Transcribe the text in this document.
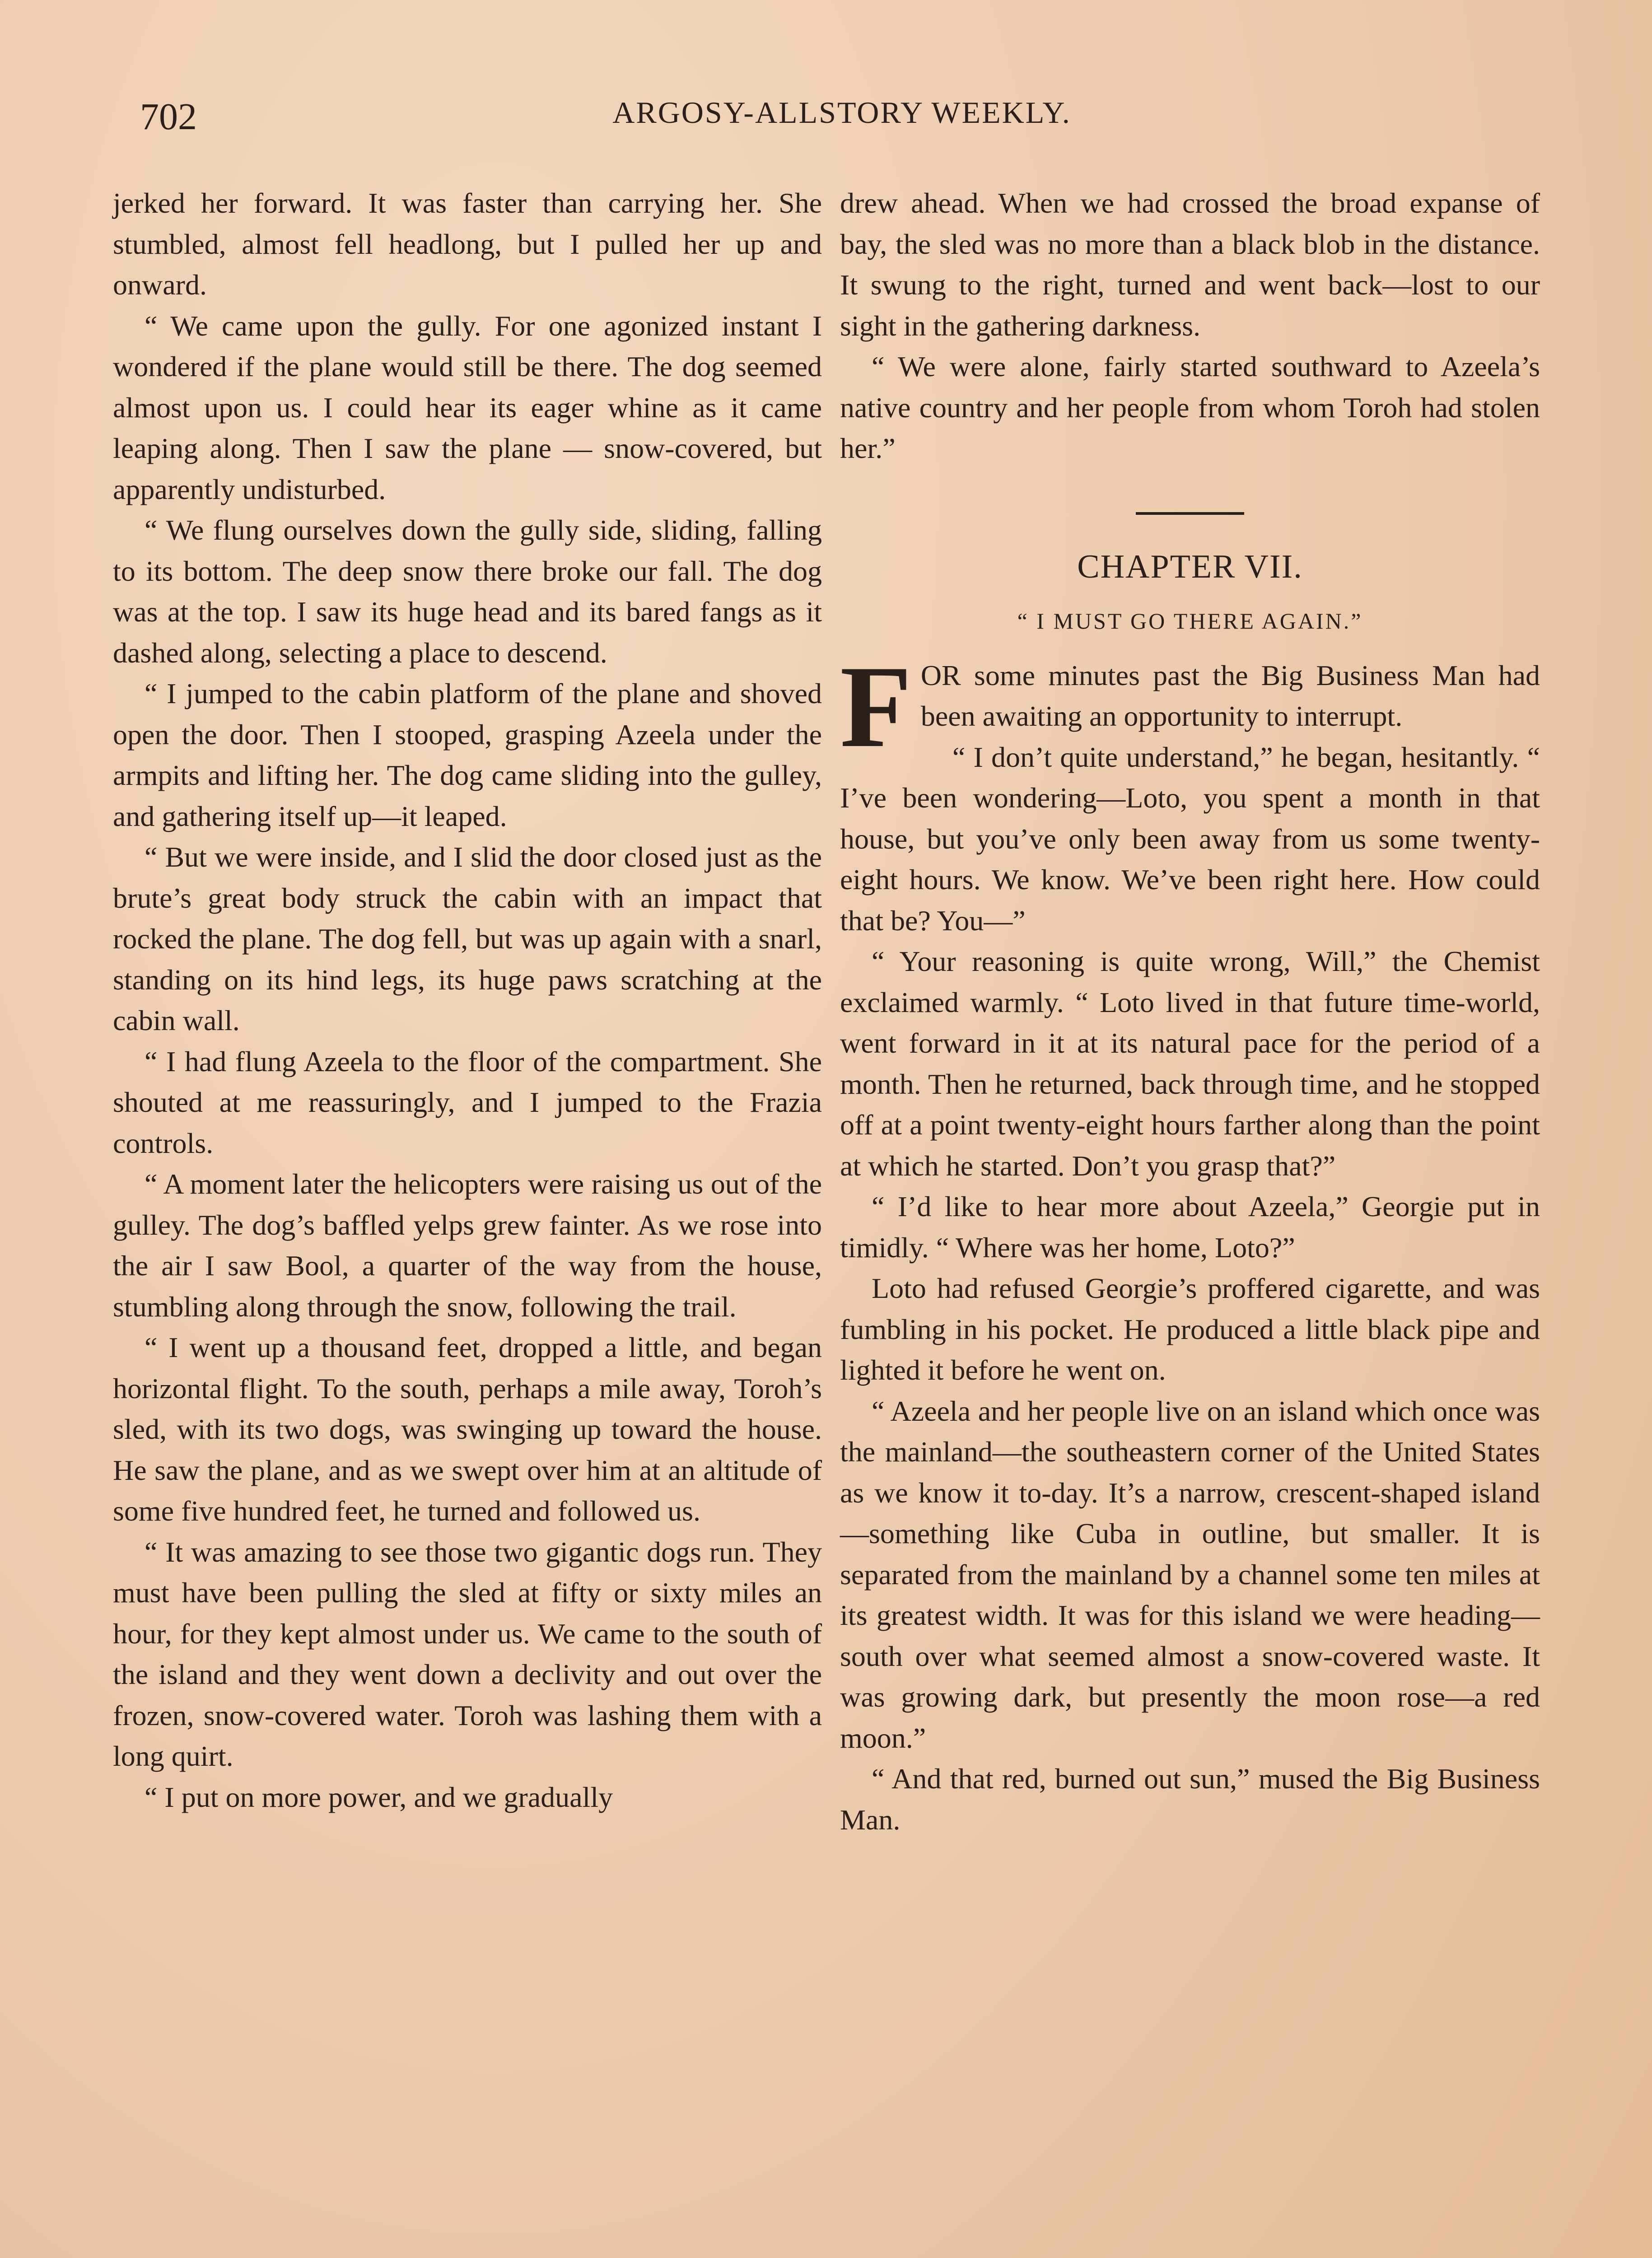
702	ARGOSY-ALLSTORY WEEKLY.

jerked her forward. It was faster than carrying her. She stumbled, almost fell headlong, but I pulled her up and onward.

“ We came upon the gully. For one agonized instant I wondered if the plane would still be there. The dog seemed almost upon us. I could hear its eager whine as it came leaping along. Then I saw the plane — snow-covered, but apparently undisturbed.

“ We flung ourselves down the gully side, sliding, falling to its bottom. The deep snow there broke our fall. The dog was at the top. I saw its huge head and its bared fangs as it dashed along, selecting a place to descend.

“ I jumped to the cabin platform of the plane and shoved open the door. Then I stooped, grasping Azeela under the armpits and lifting her. The dog came sliding into the gulley, and gathering itself up—it leaped.

“ But we were inside, and I slid the door closed just as the brute’s great body struck the cabin with an impact that rocked the plane. The dog fell, but was up again with a snarl, standing on its hind legs, its huge paws scratching at the cabin wall.

“ I had flung Azeela to the floor of the compartment. She shouted at me reassuringly, and I jumped to the Frazia controls.

“ A moment later the helicopters were raising us out of the gulley. The dog’s baffled yelps grew fainter. As we rose into the air I saw Bool, a quarter of the way from the house, stumbling along through the snow, following the trail.

“ I went up a thousand feet, dropped a little, and began horizontal flight. To the south, perhaps a mile away, Toroh’s sled, with its two dogs, was swinging up toward the house. He saw the plane, and as we swept over him at an altitude of some five hundred feet, he turned and followed us.

“ It was amazing to see those two gigantic dogs run. They must have been pulling the sled at fifty or sixty miles an hour, for they kept almost under us. We came to the south of the island and they went down a declivity and out over the frozen, snow-covered water. Toroh was lashing them with a long quirt.

“ I put on more power, and we gradually

drew ahead. When we had crossed the broad expanse of bay, the sled was no more than a black blob in the distance. It swung to the right, turned and went back—lost to our sight in the gathering darkness.

“ We were alone, fairly started southward to Azeela’s native country and her people from whom Toroh had stolen her.”

CHAPTER VII.
“ I MUST GO THERE AGAIN.”

FOR some minutes past the Big Business Man had been awaiting an opportunity to interrupt.

“ I don’t quite understand,” he began, hesitantly. “ I’ve been wondering—Loto, you spent a month in that house, but you’ve only been away from us some twenty-eight hours. We know. We’ve been right here. How could that be? You—”

“ Your reasoning is quite wrong, Will,” the Chemist exclaimed warmly. “ Loto lived in that future time-world, went forward in it at its natural pace for the period of a month. Then he returned, back through time, and he stopped off at a point twenty-eight hours farther along than the point at which he started. Don’t you grasp that?”

“ I’d like to hear more about Azeela,” Georgie put in timidly. “ Where was her home, Loto?”

Loto had refused Georgie’s proffered cigarette, and was fumbling in his pocket. He produced a little black pipe and lighted it before he went on.

“ Azeela and her people live on an island which once was the mainland—the southeastern corner of the United States as we know it to-day. It’s a narrow, crescent-shaped island—something like Cuba in outline, but smaller. It is separated from the mainland by a channel some ten miles at its greatest width. It was for this island we were heading—south over what seemed almost a snow-covered waste. It was growing dark, but presently the moon rose—a red moon.”

“ And that red, burned out sun,” mused the Big Business Man.
